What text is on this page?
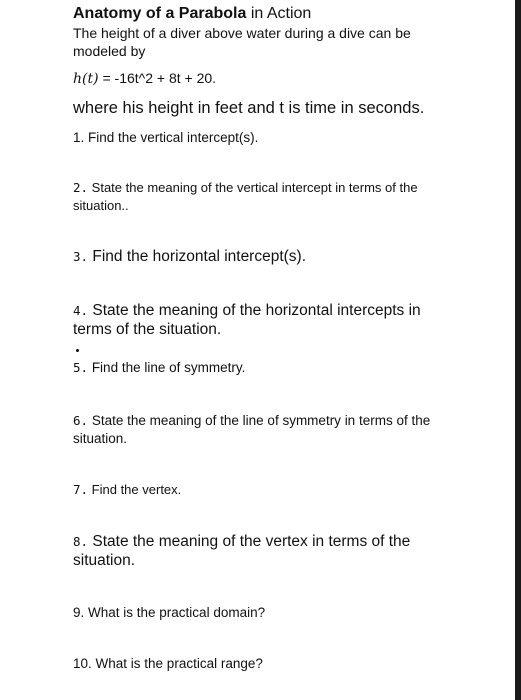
Anatomy of a Parabola in Action
The height of a diver above water during a dive can be modeled by
h(t) = -16t^2 + 8t + 20.
where his height in feet and t is time in seconds.
1. Find the vertical intercept(s).
2. State the meaning of the vertical intercept in terms of the situation..
3. Find the horizontal intercept(s).
4. State the meaning of the horizontal intercepts in terms of the situation.
5. Find the line of symmetry.
6. State the meaning of the line of symmetry in terms of the situation.
7. Find the vertex.
8. State the meaning of the vertex in terms of the situation.
9. What is the practical domain?
10. What is the practical range?
